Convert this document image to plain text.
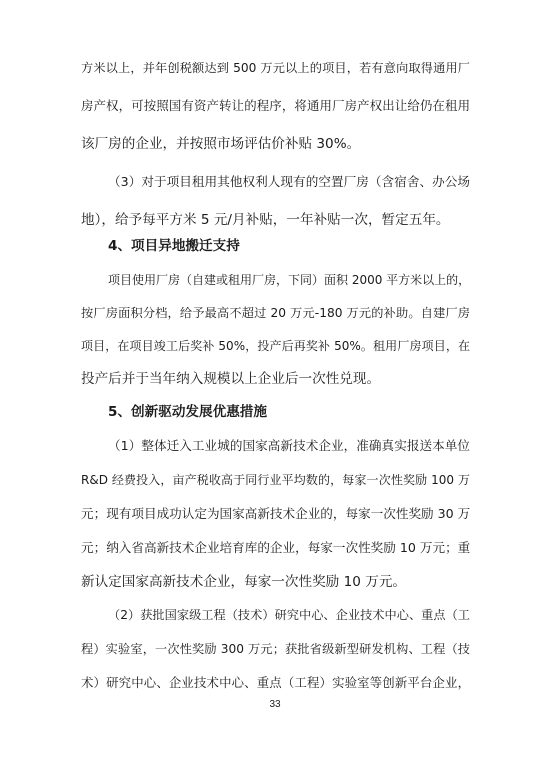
方米以上，并年创税额达到 500 万元以上的项目，若有意向取得通用厂
房产权，可按照国有资产转让的程序，将通用厂房产权出让给仍在租用
该厂房的企业，并按照市场评估价补贴 30%。
（3）对于项目租用其他权利人现有的空置厂房（含宿舍、办公场
地），给予每平方米 5 元/月补贴，一年补贴一次，暂定五年。
4、项目异地搬迁支持
项目使用厂房（自建或租用厂房，下同）面积 2000 平方米以上的，
按厂房面积分档，给予最高不超过 20 万元-180 万元的补助。自建厂房
项目，在项目竣工后奖补 50%，投产后再奖补 50%。租用厂房项目，在
投产后并于当年纳入规模以上企业后一次性兑现。
5、创新驱动发展优惠措施
（1）整体迁入工业城的国家高新技术企业，准确真实报送本单位
R&D 经费投入，亩产税收高于同行业平均数的，每家一次性奖励 100 万
元；现有项目成功认定为国家高新技术企业的，每家一次性奖励 30 万
元；纳入省高新技术企业培育库的企业，每家一次性奖励 10 万元；重
新认定国家高新技术企业，每家一次性奖励 10 万元。
（2）获批国家级工程（技术）研究中心、企业技术中心、重点（工
程）实验室，一次性奖励 300 万元；获批省级新型研发机构、工程（技
术）研究中心、企业技术中心、重点（工程）实验室等创新平台企业，
33
